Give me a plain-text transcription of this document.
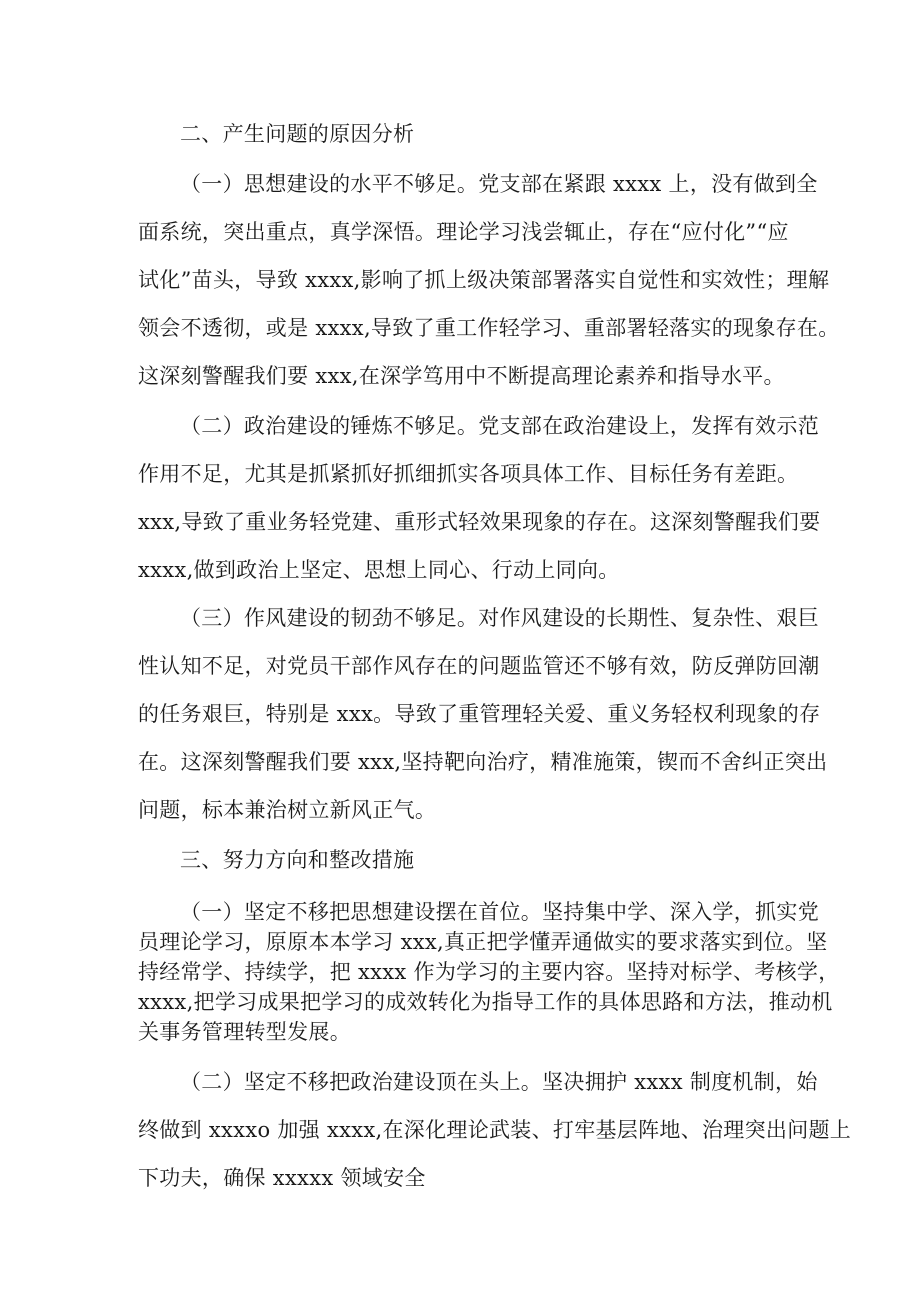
二、产生问题的原因分析
（一）思想建设的水平不够足。党支部在紧跟 xxxx 上，没有做到全
面系统，突出重点，真学深悟。理论学习浅尝辄止，存在“应付化”“应
试化”苗头，导致 xxxx,影响了抓上级决策部署落实自觉性和实效性；理解
领会不透彻，或是 xxxx,导致了重工作轻学习、重部署轻落实的现象存在。
这深刻警醒我们要 xxx,在深学笃用中不断提高理论素养和指导水平。
（二）政治建设的锤炼不够足。党支部在政治建设上，发挥有效示范
作用不足，尤其是抓紧抓好抓细抓实各项具体工作、目标任务有差距。
xxx,导致了重业务轻党建、重形式轻效果现象的存在。这深刻警醒我们要
xxxx,做到政治上坚定、思想上同心、行动上同向。
（三）作风建设的韧劲不够足。对作风建设的长期性、复杂性、艰巨
性认知不足，对党员干部作风存在的问题监管还不够有效，防反弹防回潮
的任务艰巨，特别是 xxx。导致了重管理轻关爱、重义务轻权利现象的存
在。这深刻警醒我们要 xxx,坚持靶向治疗，精准施策，锲而不舍纠正突出
问题，标本兼治树立新风正气。
三、努力方向和整改措施
（一）坚定不移把思想建设摆在首位。坚持集中学、深入学，抓实党
员理论学习，原原本本学习 xxx,真正把学懂弄通做实的要求落实到位。坚
持经常学、持续学，把 xxxx 作为学习的主要内容。坚持对标学、考核学，
xxxx,把学习成果把学习的成效转化为指导工作的具体思路和方法，推动机
关事务管理转型发展。
（二）坚定不移把政治建设顶在头上。坚决拥护 xxxx 制度机制，始
终做到 xxxxo 加强 xxxx,在深化理论武装、打牢基层阵地、治理突出问题上
下功夫，确保 xxxxx 领域安全
